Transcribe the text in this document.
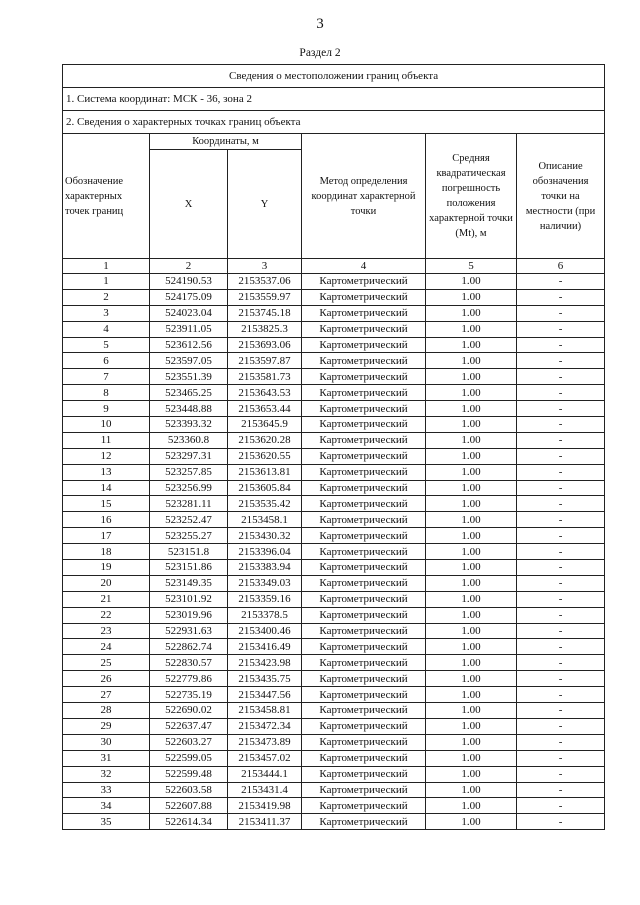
3
Раздел 2
Сведения о местоположении границ объекта					
1. Система координат: МСК - 36, зона 2					
2. Сведения о характерных точках границ объекта					
Обозначение характерных точек границ	Координаты, м		Метод определения координат характерной точки	Средняя квадратическая погрешность положения характерной точки (Mt), м	Описание обозначения точки на местности (при наличии)
	X	Y			
1	2	3	4	5	6
1	524190.53	2153537.06	Картометрический	1.00	-
2	524175.09	2153559.97	Картометрический	1.00	-
3	524023.04	2153745.18	Картометрический	1.00	-
4	523911.05	2153825.3	Картометрический	1.00	-
5	523612.56	2153693.06	Картометрический	1.00	-
6	523597.05	2153597.87	Картометрический	1.00	-
7	523551.39	2153581.73	Картометрический	1.00	-
8	523465.25	2153643.53	Картометрический	1.00	-
9	523448.88	2153653.44	Картометрический	1.00	-
10	523393.32	2153645.9	Картометрический	1.00	-
11	523360.8	2153620.28	Картометрический	1.00	-
12	523297.31	2153620.55	Картометрический	1.00	-
13	523257.85	2153613.81	Картометрический	1.00	-
14	523256.99	2153605.84	Картометрический	1.00	-
15	523281.11	2153535.42	Картометрический	1.00	-
16	523252.47	2153458.1	Картометрический	1.00	-
17	523255.27	2153430.32	Картометрический	1.00	-
18	523151.8	2153396.04	Картометрический	1.00	-
19	523151.86	2153383.94	Картометрический	1.00	-
20	523149.35	2153349.03	Картометрический	1.00	-
21	523101.92	2153359.16	Картометрический	1.00	-
22	523019.96	2153378.5	Картометрический	1.00	-
23	522931.63	2153400.46	Картометрический	1.00	-
24	522862.74	2153416.49	Картометрический	1.00	-
25	522830.57	2153423.98	Картометрический	1.00	-
26	522779.86	2153435.75	Картометрический	1.00	-
27	522735.19	2153447.56	Картометрический	1.00	-
28	522690.02	2153458.81	Картометрический	1.00	-
29	522637.47	2153472.34	Картометрический	1.00	-
30	522603.27	2153473.89	Картометрический	1.00	-
31	522599.05	2153457.02	Картометрический	1.00	-
32	522599.48	2153444.1	Картометрический	1.00	-
33	522603.58	2153431.4	Картометрический	1.00	-
34	522607.88	2153419.98	Картометрический	1.00	-
35	522614.34	2153411.37	Картометрический	1.00	-
